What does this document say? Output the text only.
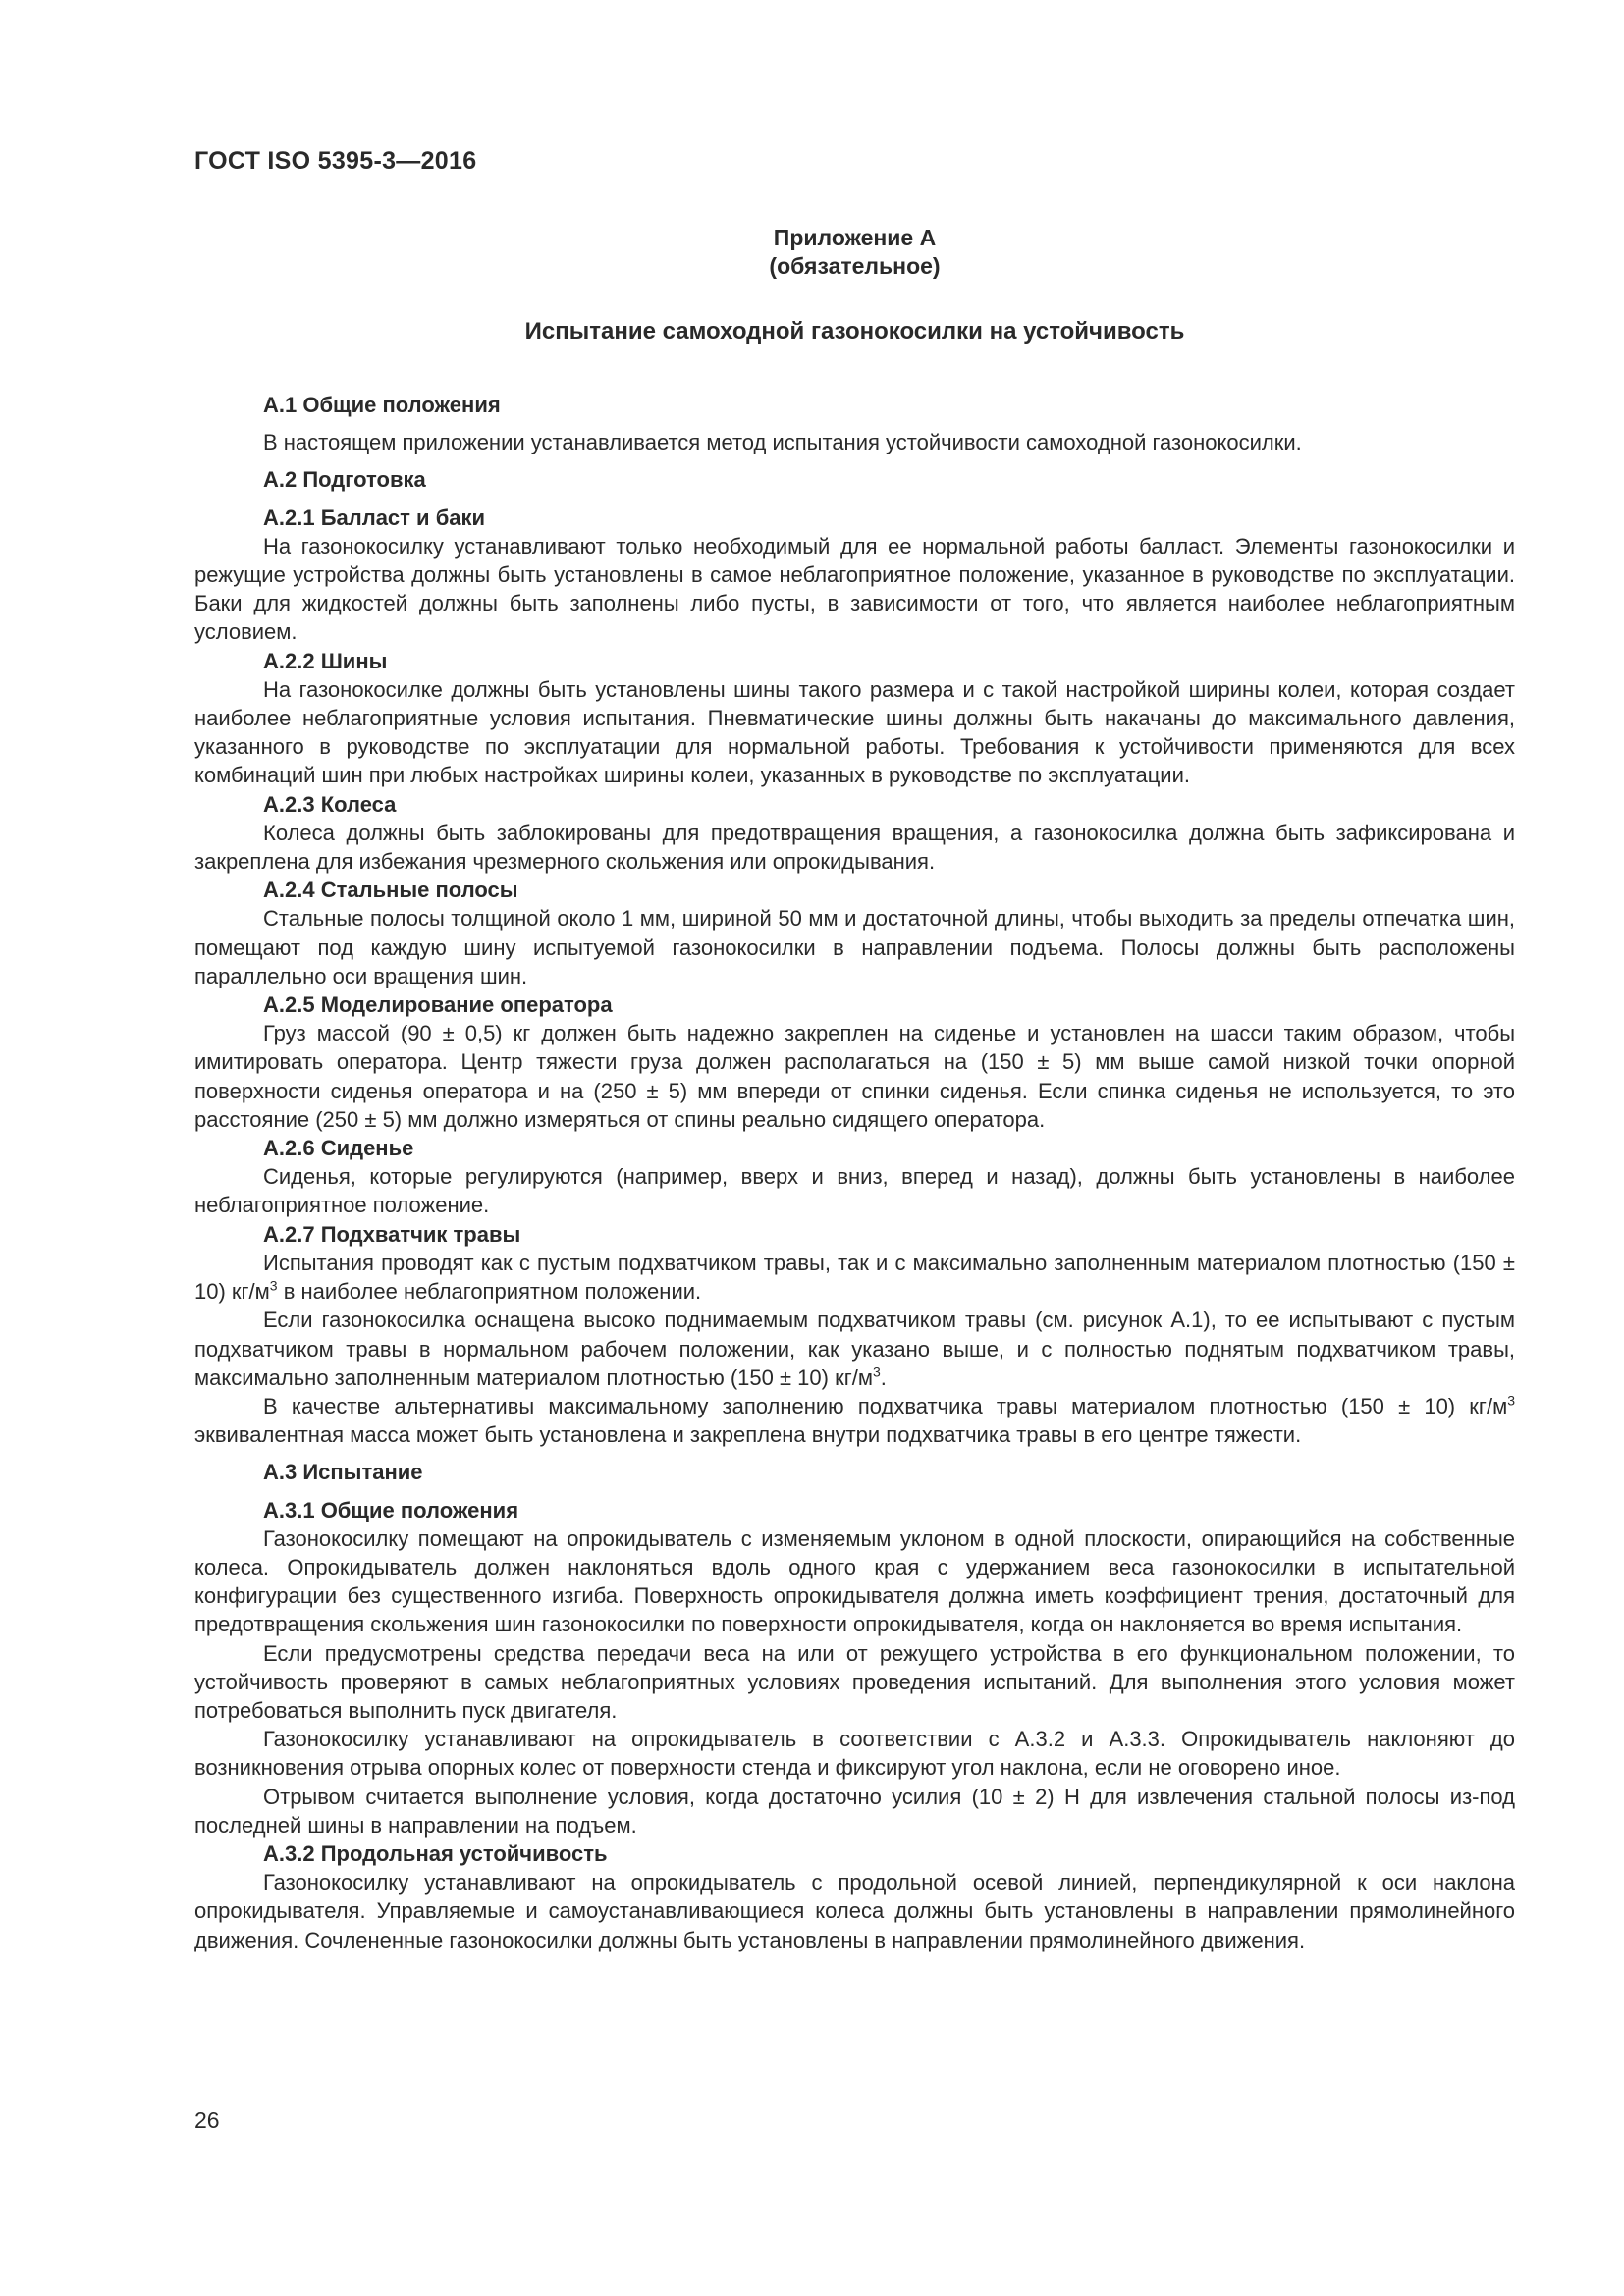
ГОСТ ISO 5395-3—2016
Приложение А
(обязательное)
Испытание самоходной газонокосилки на устойчивость
А.1 Общие положения

В настоящем приложении устанавливается метод испытания устойчивости самоходной газонокосилки.

А.2 Подготовка
А.2.1 Балласт и баки

На газонокосилку устанавливают только необходимый для ее нормальной работы балласт. Элементы газонокосилки и режущие устройства должны быть установлены в самое неблагоприятное положение, указанное в руководстве по эксплуатации. Баки для жидкостей должны быть заполнены либо пусты, в зависимости от того, что является наиболее неблагоприятным условием.

А.2.2 Шины

На газонокосилке должны быть установлены шины такого размера и с такой настройкой ширины колеи, которая создает наиболее неблагоприятные условия испытания. Пневматические шины должны быть накачаны до максимального давления, указанного в руководстве по эксплуатации для нормальной работы. Требования к устойчивости применяются для всех комбинаций шин при любых настройках ширины колеи, указанных в руководстве по эксплуатации.

А.2.3 Колеса

Колеса должны быть заблокированы для предотвращения вращения, а газонокосилка должна быть зафиксирована и закреплена для избежания чрезмерного скольжения или опрокидывания.

А.2.4 Стальные полосы

Стальные полосы толщиной около 1 мм, шириной 50 мм и достаточной длины, чтобы выходить за пределы отпечатка шин, помещают под каждую шину испытуемой газонокосилки в направлении подъема. Полосы должны быть расположены параллельно оси вращения шин.

А.2.5 Моделирование оператора

Груз массой (90 ± 0,5) кг должен быть надежно закреплен на сиденье и установлен на шасси таким образом, чтобы имитировать оператора. Центр тяжести груза должен располагаться на (150 ± 5) мм выше самой низкой точки опорной поверхности сиденья оператора и на (250 ± 5) мм впереди от спинки сиденья. Если спинка сиденья не используется, то это расстояние (250 ± 5) мм должно измеряться от спины реально сидящего оператора.

А.2.6 Сиденье

Сиденья, которые регулируются (например, вверх и вниз, вперед и назад), должны быть установлены в наиболее неблагоприятное положение.

А.2.7 Подхватчик травы

Испытания проводят как с пустым подхватчиком травы, так и с максимально заполненным материалом плотностью (150 ± 10) $кг/м^3$ в наиболее неблагоприятном положении.

Если газонокосилка оснащена высоко поднимаемым подхватчиком травы (см. рисунок А.1), то ее испытывают с пустым подхватчиком травы в нормальном рабочем положении, как указано выше, и с полностью поднятым подхватчиком травы, максимально заполненным материалом плотностью (150 ± 10) $кг/м^3$.

В качестве альтернативы максимальному заполнению подхватчика травы материалом плотностью (150 ± 10) $кг/м^3$ эквивалентная масса может быть установлена и закреплена внутри подхватчика травы в его центре тяжести.

А.3 Испытание
А.3.1 Общие положения

Газонокосилку помещают на опрокидыватель с изменяемым уклоном в одной плоскости, опирающийся на собственные колеса. Опрокидыватель должен наклоняться вдоль одного края с удержанием веса газонокосилки в испытательной конфигурации без существенного изгиба. Поверхность опрокидывателя должна иметь коэффициент трения, достаточный для предотвращения скольжения шин газонокосилки по поверхности опрокидывателя, когда он наклоняется во время испытания.

Если предусмотрены средства передачи веса на или от режущего устройства в его функциональном положении, то устойчивость проверяют в самых неблагоприятных условиях проведения испытаний. Для выполнения этого условия может потребоваться выполнить пуск двигателя.

Газонокосилку устанавливают на опрокидыватель в соответствии с А.3.2 и А.3.3. Опрокидыватель наклоняют до возникновения отрыва опорных колес от поверхности стенда и фиксируют угол наклона, если не оговорено иное.

Отрывом считается выполнение условия, когда достаточно усилия (10 ± 2) Н для извлечения стальной полосы из-под последней шины в направлении на подъем.

А.3.2 Продольная устойчивость

Газонокосилку устанавливают на опрокидыватель с продольной осевой линией, перпендикулярной к оси наклона опрокидывателя. Управляемые и самоустанавливающиеся колеса должны быть установлены в направлении прямолинейного движения. Сочлененные газонокосилки должны быть установлены в направлении прямолинейного движения.

26
